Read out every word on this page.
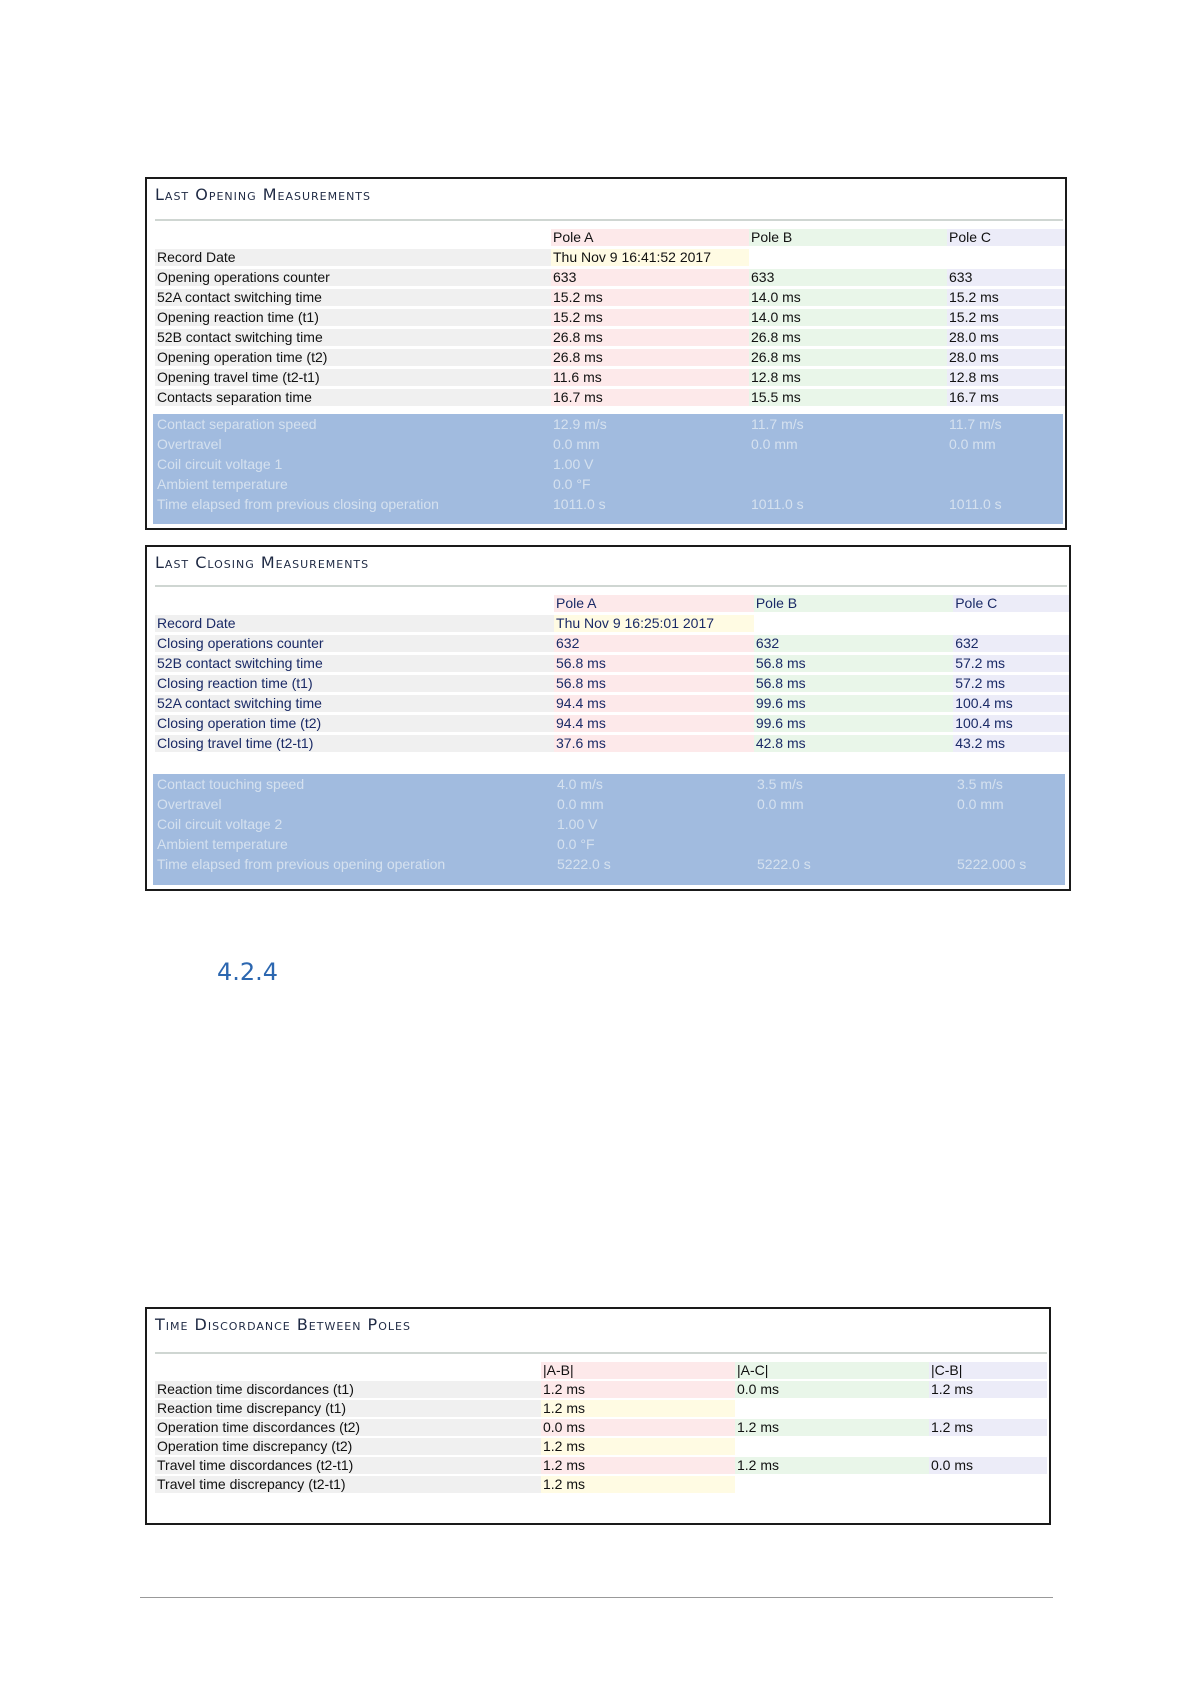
Last Opening Measurements
	Pole A	Pole B	Pole C
Record Date	Thu Nov 9 16:41:52 2017		
Opening operations counter	633	633	633
52A contact switching time	15.2 ms	14.0 ms	15.2 ms
Opening reaction time (t1)	15.2 ms	14.0 ms	15.2 ms
52B contact switching time	26.8 ms	26.8 ms	28.0 ms
Opening operation time (t2)	26.8 ms	26.8 ms	28.0 ms
Opening travel time (t2-t1)	11.6 ms	12.8 ms	12.8 ms
Contacts separation time	16.7 ms	15.5 ms	16.7 ms
Contact separation speed	12.9 m/s	11.7 m/s	11.7 m/s
Overtravel	0.0 mm	0.0 mm	0.0 mm
Coil circuit voltage 1	1.00 V		
Ambient temperature	0.0 °F		
Time elapsed from previous closing operation	1011.0 s	1011.0 s	1011.0 s
Last Closing Measurements
	Pole A	Pole B	Pole C
Record Date	Thu Nov 9 16:25:01 2017		
Closing operations counter	632	632	632
52B contact switching time	56.8 ms	56.8 ms	57.2 ms
Closing reaction time (t1)	56.8 ms	56.8 ms	57.2 ms
52A contact switching time	94.4 ms	99.6 ms	100.4 ms
Closing operation time (t2)	94.4 ms	99.6 ms	100.4 ms
Closing travel time (t2-t1)	37.6 ms	42.8 ms	43.2 ms
Contact touching speed	4.0 m/s	3.5 m/s	3.5 m/s
Overtravel	0.0 mm	0.0 mm	0.0 mm
Coil circuit voltage 2	1.00 V		
Ambient temperature	0.0 °F		
Time elapsed from previous opening operation	5222.0 s	5222.0 s	5222.000 s
4.2.4
Time Discordance Between Poles
	|A-B|	|A-C|	|C-B|
Reaction time discordances (t1)	1.2 ms	0.0 ms	1.2 ms
Reaction time discrepancy (t1)	1.2 ms		
Operation time discordances (t2)	0.0 ms	1.2 ms	1.2 ms
Operation time discrepancy (t2)	1.2 ms		
Travel time discordances (t2-t1)	1.2 ms	1.2 ms	0.0 ms
Travel time discrepancy (t2-t1)	1.2 ms		
